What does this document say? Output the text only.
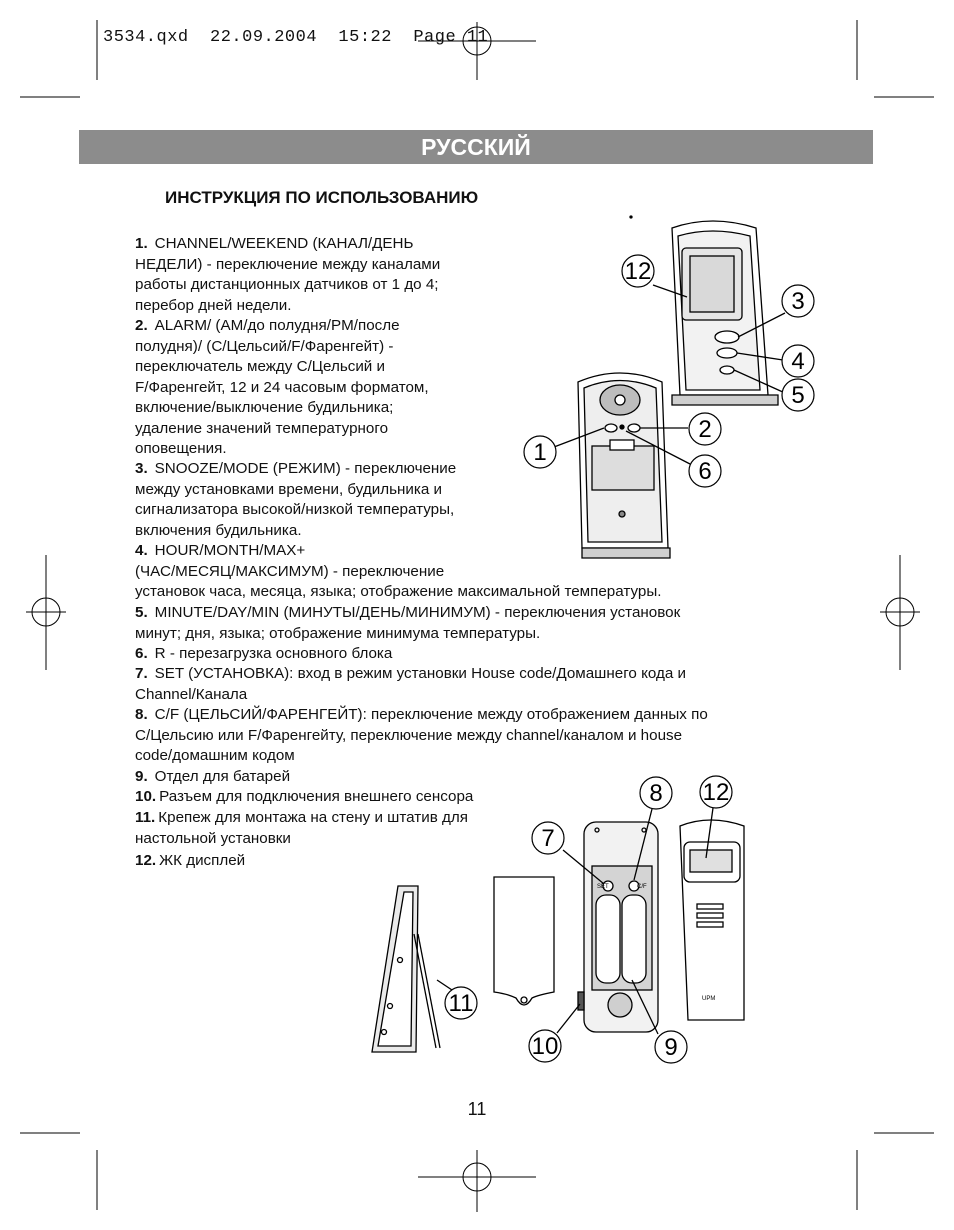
3534.qxd  22.09.2004  15:22  Page 11
РУССКИЙ
ИНСТРУКЦИЯ ПО ИСПОЛЬЗОВАНИЮ
1. CHANNEL/WEEKEND (КАНАЛ/ДЕНЬ
НЕДЕЛИ) - переключение между каналами
работы дистанционных датчиков от 1 до 4;
перебор дней недели.
2. ALARM/ (AM/до полудня/PM/после
полудня)/ (C/Цельсий/F/Фаренгейт) -
переключатель между C/Цельсий и
F/Фаренгейт, 12 и 24 часовым форматом,
включение/выключение будильника;
удаление значений температурного
оповещения.
3. SNOOZE/MODE (РЕЖИМ) - переключение
между установками времени, будильника и
сигнализатора высокой/низкой температуры,
включения будильника.
4. HOUR/MONTH/MAX+
(ЧАС/МЕСЯЦ/МАКСИМУМ) - переключение
установок часа, месяца, языка; отображение максимальной температуры.
5. MINUTE/DAY/MIN (МИНУТЫ/ДЕНЬ/МИНИМУМ) - переключения установок
минут; дня, языка; отображение минимума температуры.
6. R - перезагрузка основного блока
7. SET (УСТАНОВКА): вход в режим установки House code/Домашнего кода и
Channel/Канала
8. C/F (ЦЕЛЬСИЙ/ФАРЕНГЕЙТ): переключение между отображением данных по
C/Цельсию или F/Фаренгейту, переключение между channel/каналом и house
code/домашним кодом
9. Отдел для батарей
10. Разъем для подключения внешнего сенсора
11. Крепеж для монтажа на стену и штатив для
настольной установки
12. ЖК дисплей
12
3
4
5
2
1
6
SET	C/F
UPM
8 12
7
11
10	9
11
